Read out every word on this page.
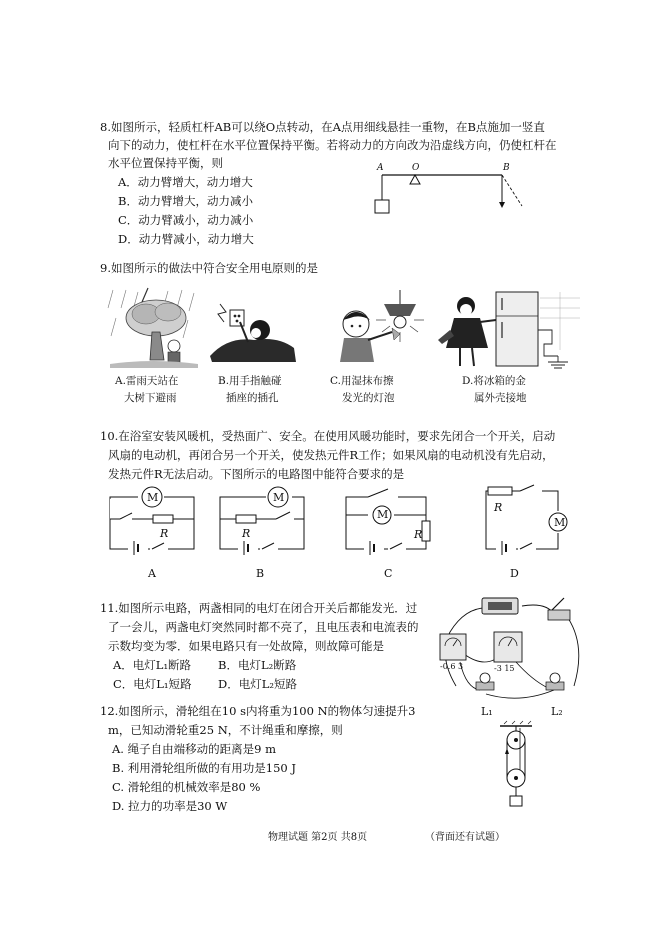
8.如图所示，轻质杠杆AB可以绕O点转动，在A点用细线悬挂一重物，在B点施加一竖直
向下的动力，使杠杆在水平位置保持平衡。若将动力的方向改为沿虚线方向，仍使杠杆在
水平位置保持平衡，则
A．动力臂增大，动力增大
B．动力臂增大，动力减小
C．动力臂减小，动力减小
D．动力臂减小，动力增大
A	O	B
9.如图所示的做法中符合安全用电原则的是
A.雷雨天站在
大树下避雨
B.用手指触碰
插座的插孔
C.用湿抹布擦
发光的灯泡
D.将冰箱的金
属外壳接地
10.在浴室安装风暖机，受热面广、安全。在使用风暖功能时，要求先闭合一个开关，启动
风扇的电动机，再闭合另一个开关，使发热元件R工作；如果风扇的电动机没有先启动，
发热元件R无法启动。下图所示的电路图中能符合要求的是
M
R
M
R
M
R
M
R
A	B	C	D
11.如图所示电路，两盏相同的电灯在闭合开关后都能发光．过
了一会儿，两盏电灯突然同时都不亮了，且电压表和电流表的
示数均变为零．如果电路只有一处故障，则故障可能是
A．电灯L₁断路 B．电灯L₂断路
C．电灯L₁短路 D．电灯L₂短路
-0.6 3	-3 15
L₁	L₂
12.如图所示，滑轮组在10 s内将重为100 N的物体匀速提升3
m，已知动滑轮重25 N，不计绳重和摩擦，则
A. 绳子自由端移动的距离是9 m
B. 利用滑轮组所做的有用功是150 J
C. 滑轮组的机械效率是80 %
D. 拉力的功率是30 W
物理试题 第2页 共8页	（背面还有试题）
